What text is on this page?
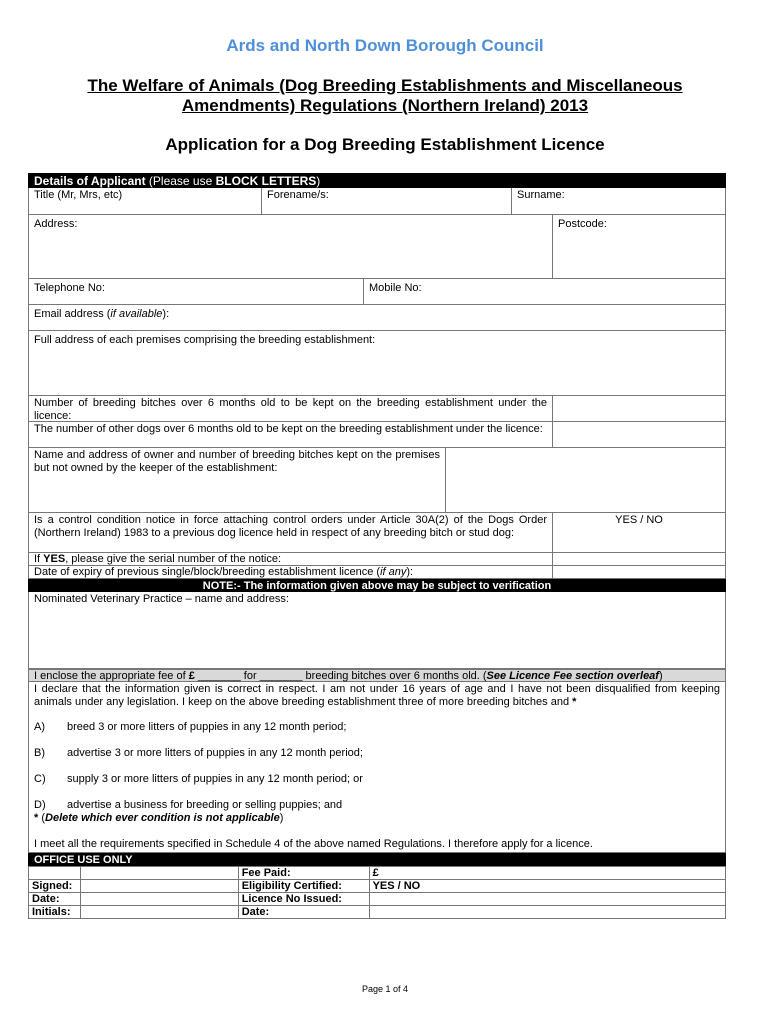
Ards and North Down Borough Council
The Welfare of Animals (Dog Breeding Establishments and Miscellaneous Amendments) Regulations (Northern Ireland) 2013
Application for a Dog Breeding Establishment Licence
Details of Applicant (Please use BLOCK LETTERS)
Title (Mr, Mrs, etc)	Forename/s:	Surname:
Address:	Postcode:
Telephone No:	Mobile No:
Email address (if available):
Full address of each premises comprising the breeding establishment:
Number of breeding bitches over 6 months old to be kept on the breeding establishment under the licence:
The number of other dogs over 6 months old to be kept on the breeding establishment under the licence:
Name and address of owner and number of breeding bitches kept on the premises but not owned by the keeper of the establishment:
Is a control condition notice in force attaching control orders under Article 30A(2) of the Dogs Order (Northern Ireland) 1983 to a previous dog licence held in respect of any breeding bitch or stud dog:
YES / NO
If YES, please give the serial number of the notice:
Date of expiry of previous single/block/breeding establishment licence (if any):
NOTE:- The information given above may be subject to verification
Nominated Veterinary Practice – name and address:
I enclose the appropriate fee of £ _______ for _______ breeding bitches over 6 months old. (See Licence Fee section overleaf)
I declare that the information given is correct in respect. I am not under 16 years of age and I have not been disqualified from keeping animals under any legislation. I keep on the above breeding establishment three of more breeding bitches and *
A)	breed 3 or more litters of puppies in any 12 month period;
B)	advertise 3 or more litters of puppies in any 12 month period;
C)	supply 3 or more litters of puppies in any 12 month period; or
D)	advertise a business for breeding or selling puppies; and
* (Delete which ever condition is not applicable)
I meet all the requirements specified in Schedule 4 of the above named Regulations. I therefore apply for a licence.
OFFICE USE ONLY
		Fee Paid:	£
Signed:		Eligibility Certified:	YES / NO
Date:		Licence No Issued:	
Initials:		Date:	
Page 1 of 4
